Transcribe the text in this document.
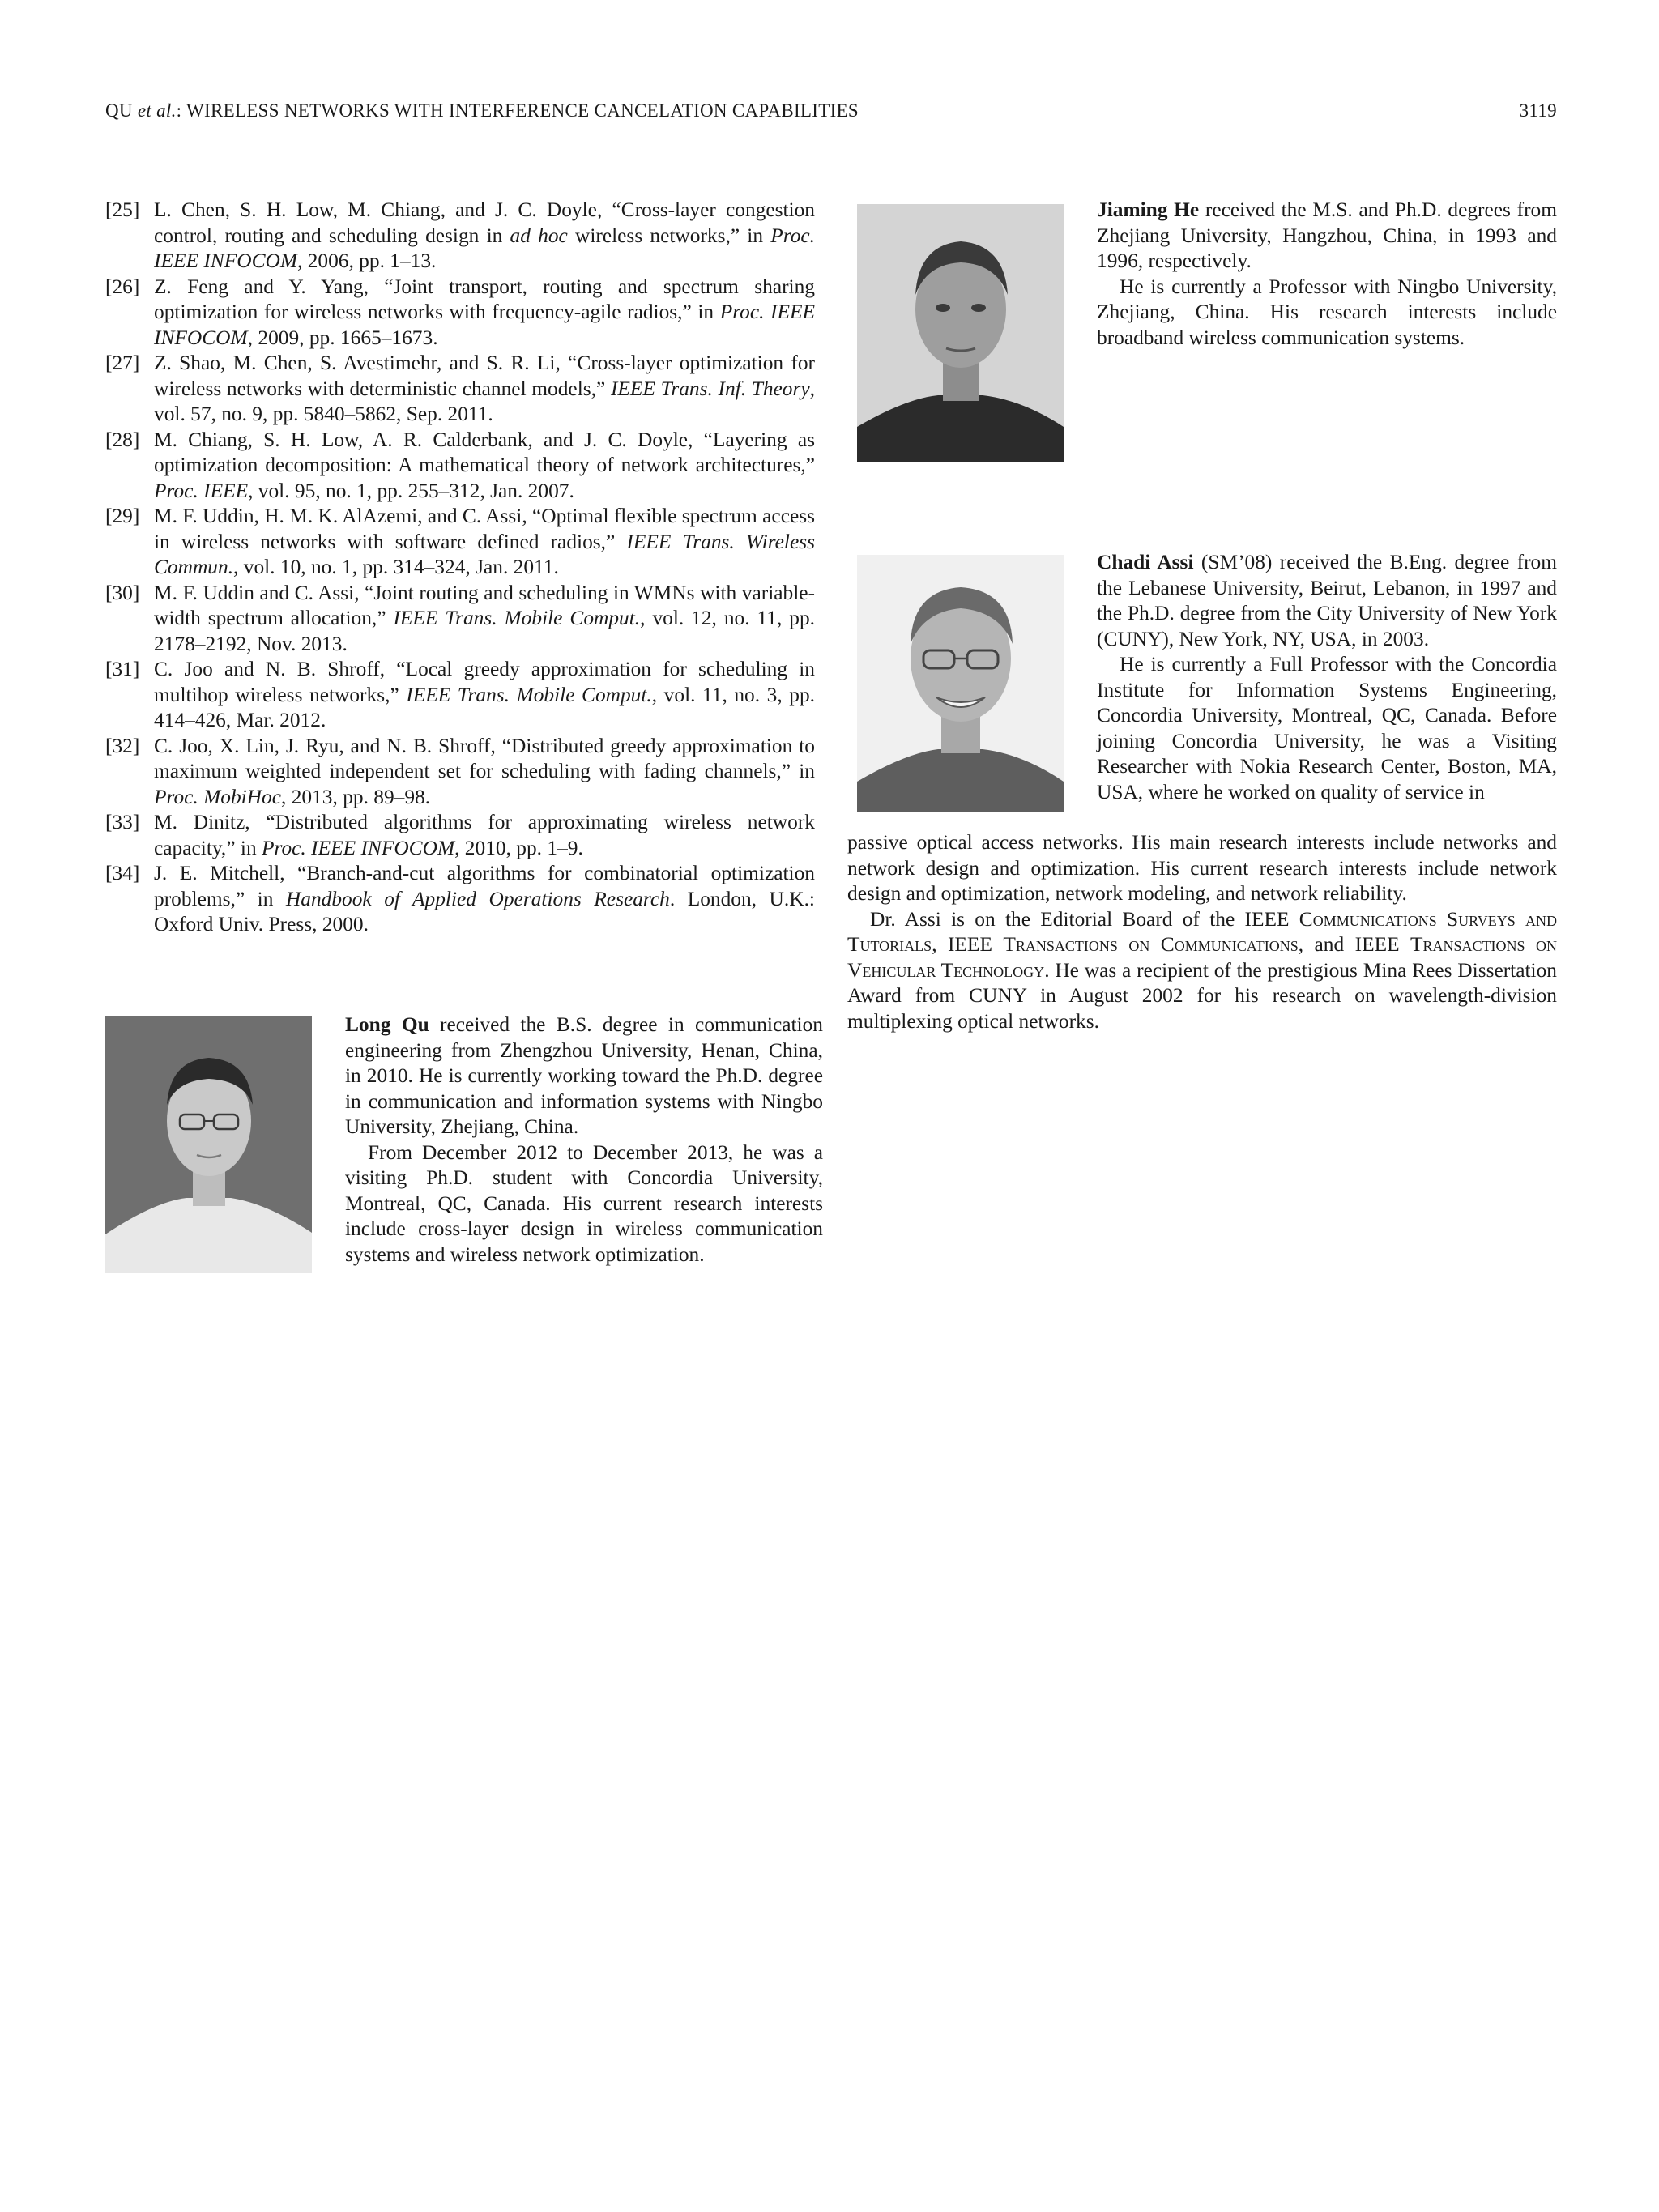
QU et al.: WIRELESS NETWORKS WITH INTERFERENCE CANCELATION CAPABILITIES	3119
[25] L. Chen, S. H. Low, M. Chiang, and J. C. Doyle, “Cross-layer congestion control, routing and scheduling design in ad hoc wireless networks,” in Proc. IEEE INFOCOM, 2006, pp. 1–13.
[26] Z. Feng and Y. Yang, “Joint transport, routing and spectrum sharing optimization for wireless networks with frequency-agile radios,” in Proc. IEEE INFOCOM, 2009, pp. 1665–1673.
[27] Z. Shao, M. Chen, S. Avestimehr, and S. R. Li, “Cross-layer optimization for wireless networks with deterministic channel models,” IEEE Trans. Inf. Theory, vol. 57, no. 9, pp. 5840–5862, Sep. 2011.
[28] M. Chiang, S. H. Low, A. R. Calderbank, and J. C. Doyle, “Layering as optimization decomposition: A mathematical theory of network architectures,” Proc. IEEE, vol. 95, no. 1, pp. 255–312, Jan. 2007.
[29] M. F. Uddin, H. M. K. AlAzemi, and C. Assi, “Optimal flexible spectrum access in wireless networks with software defined radios,” IEEE Trans. Wireless Commun., vol. 10, no. 1, pp. 314–324, Jan. 2011.
[30] M. F. Uddin and C. Assi, “Joint routing and scheduling in WMNs with variable-width spectrum allocation,” IEEE Trans. Mobile Comput., vol. 12, no. 11, pp. 2178–2192, Nov. 2013.
[31] C. Joo and N. B. Shroff, “Local greedy approximation for scheduling in multihop wireless networks,” IEEE Trans. Mobile Comput., vol. 11, no. 3, pp. 414–426, Mar. 2012.
[32] C. Joo, X. Lin, J. Ryu, and N. B. Shroff, “Distributed greedy approximation to maximum weighted independent set for scheduling with fading channels,” in Proc. MobiHoc, 2013, pp. 89–98.
[33] M. Dinitz, “Distributed algorithms for approximating wireless network capacity,” in Proc. IEEE INFOCOM, 2010, pp. 1–9.
[34] J. E. Mitchell, “Branch-and-cut algorithms for combinatorial optimization problems,” in Handbook of Applied Operations Research. London, U.K.: Oxford Univ. Press, 2000.

Long Qu received the B.S. degree in communication engineering from Zhengzhou University, Henan, China, in 2010. He is currently working toward the Ph.D. degree in communication and information systems with Ningbo University, Zhejiang, China.

From December 2012 to December 2013, he was a visiting Ph.D. student with Concordia University, Montreal, QC, Canada. His current research interests include cross-layer design in wireless communication systems and wireless network optimization.

Jiaming He received the M.S. and Ph.D. degrees from Zhejiang University, Hangzhou, China, in 1993 and 1996, respectively.

He is currently a Professor with Ningbo University, Zhejiang, China. His research interests include broadband wireless communication systems.

Chadi Assi (SM’08) received the B.Eng. degree from the Lebanese University, Beirut, Lebanon, in 1997 and the Ph.D. degree from the City University of New York (CUNY), New York, NY, USA, in 2003.

He is currently a Full Professor with the Concordia Institute for Information Systems Engineering, Concordia University, Montreal, QC, Canada. Before joining Concordia University, he was a Visiting Researcher with Nokia Research Center, Boston, MA, USA, where he worked on quality of service in

passive optical access networks. His main research interests include networks and network design and optimization. His current research interests include network design and optimization, network modeling, and network reliability.

Dr. Assi is on the Editorial Board of the IEEE Communications Surveys and Tutorials, IEEE Transactions on Communications, and IEEE Transactions on Vehicular Technology. He was a recipient of the prestigious Mina Rees Dissertation Award from CUNY in August 2002 for his research on wavelength-division multiplexing optical networks.
